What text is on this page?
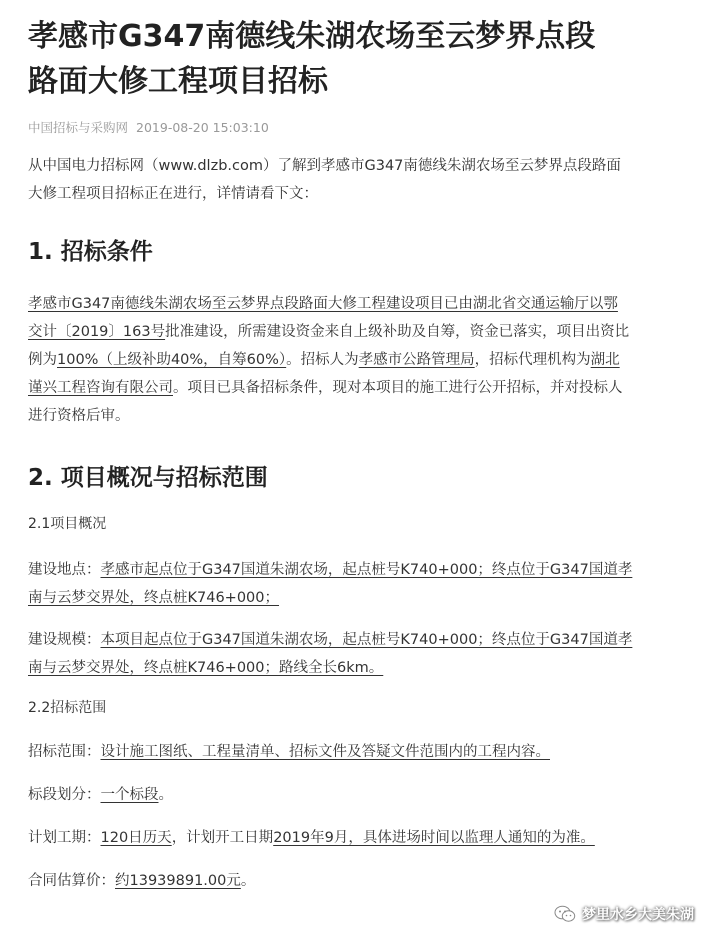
孝感市G347南德线朱湖农场至云梦界点段
路面大修工程项目招标
中国招标与采购网 2019-08-20 15:03:10
从中国电力招标网（www.dlzb.com）了解到孝感市G347南德线朱湖农场至云梦界点段路面
大修工程项目招标正在进行，详情请看下文：
1. 招标条件
孝感市G347南德线朱湖农场至云梦界点段路面大修工程建设项目已由湖北省交通运输厅以鄂
交计〔2019〕163号批准建设，所需建设资金来自上级补助及自筹，资金已落实，项目出资比
例为100%（上级补助40%，自筹60%）。招标人为孝感市公路管理局，招标代理机构为湖北
谨兴工程咨询有限公司。项目已具备招标条件，现对本项目的施工进行公开招标，并对投标人
进行资格后审。
2. 项目概况与招标范围
2.1项目概况
建设地点：孝感市起点位于G347国道朱湖农场，起点桩号K740+000；终点位于G347国道孝
南与云梦交界处，终点桩K746+000；
建设规模：本项目起点位于G347国道朱湖农场，起点桩号K740+000；终点位于G347国道孝
南与云梦交界处，终点桩K746+000；路线全长6km。
2.2招标范围
招标范围：设计施工图纸、工程量清单、招标文件及答疑文件范围内的工程内容。
标段划分：一个标段。
计划工期：120日历天，计划开工日期2019年9月，具体进场时间以监理人通知的为准。
合同估算价：约13939891.00元。
梦里水乡大美朱湖
